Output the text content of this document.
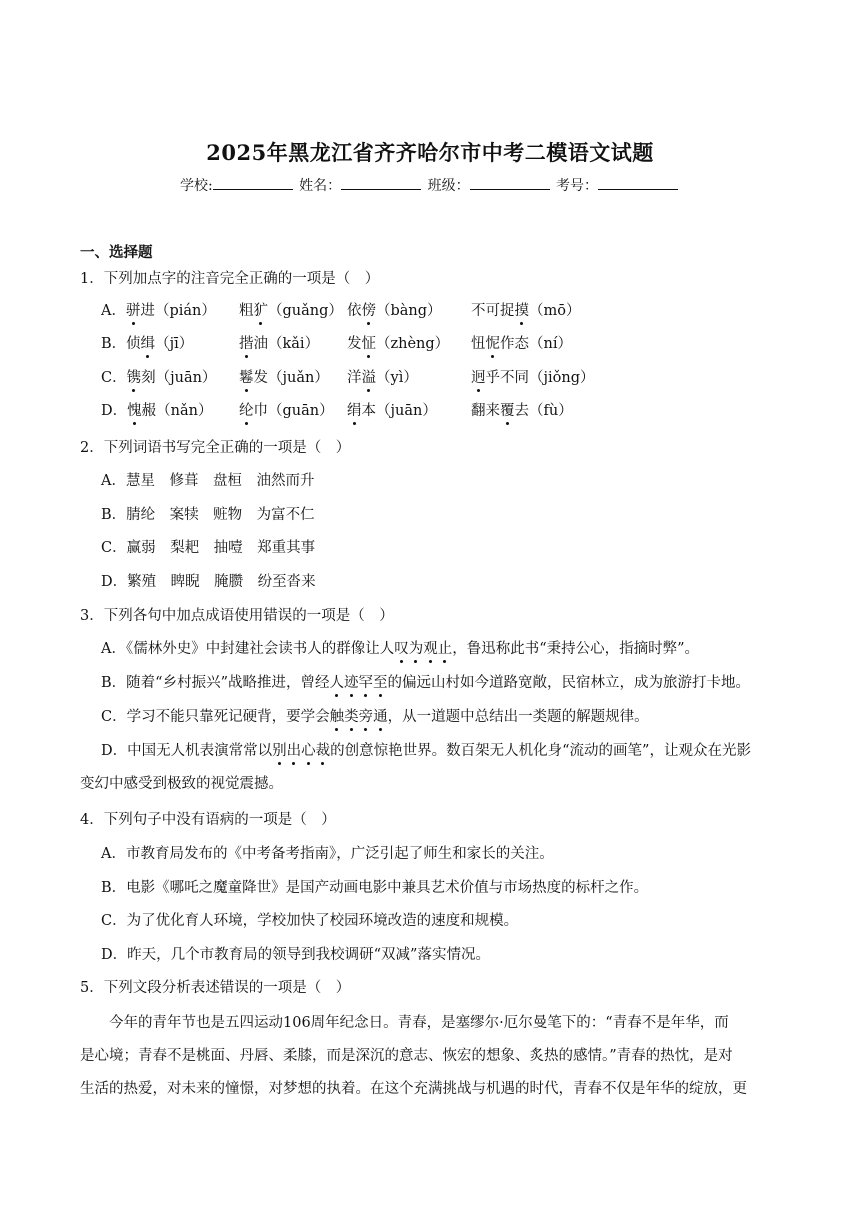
2025年黑龙江省齐齐哈尔市中考二模语文试题
学校:	姓名：	班级：	考号：
一、选择题
1．下列加点字的注音完全正确的一项是（　）
A．骈进（pián） 粗犷（guǎng） 依傍（bàng） 不可捉摸（mō）
B．侦缉（jī）	揩油（kǎi） 发怔（zhèng） 忸怩作态（ní）
C．镌刻（juān） 鬈发（juǎn） 洋溢（yì）	迥乎不同（jiǒng）
D．愧赧（nǎn） 纶巾（guān） 绢本（juān） 翻来覆去（fù）
2．下列词语书写完全正确的一项是（　）
A．慧星　修葺　盘桓　油然而升
B．腈纶　案犊　赃物　为富不仁
C．赢弱　梨耙　抽噎　郑重其事
D．繁殖　睥睨　腌臜　纷至沓来
3．下列各句中加点成语使用错误的一项是（　）
A．《儒林外史》中封建社会读书人的群像让人叹为观止，鲁迅称此书“秉持公心，指摘时弊”。
B．随着“乡村振兴”战略推进，曾经人迹罕至的偏远山村如今道路宽敞，民宿林立，成为旅游打卡地。
C．学习不能只靠死记硬背，要学会触类旁通，从一道题中总结出一类题的解题规律。
D．中国无人机表演常常以别出心裁的创意惊艳世界。数百架无人机化身“流动的画笔”，让观众在光影
变幻中感受到极致的视觉震撼。
4．下列句子中没有语病的一项是（　）
A．市教育局发布的《中考备考指南》，广泛引起了师生和家长的关注。
B．电影《哪吒之魔童降世》是国产动画电影中兼具艺术价值与市场热度的标杆之作。
C．为了优化育人环境，学校加快了校园环境改造的速度和规模。
D．昨天，几个市教育局的领导到我校调研“双减”落实情况。
5．下列文段分析表述错误的一项是（　）
　　今年的青年节也是五四运动106周年纪念日。青春，是塞缪尔·厄尔曼笔下的：“青春不是年华，而
是心境；青春不是桃面、丹唇、柔膝，而是深沉的意志、恢宏的想象、炙热的感情。”青春的热忱，是对
生活的热爱，对未来的憧憬，对梦想的执着。在这个充满挑战与机遇的时代，青春不仅是年华的绽放，更
